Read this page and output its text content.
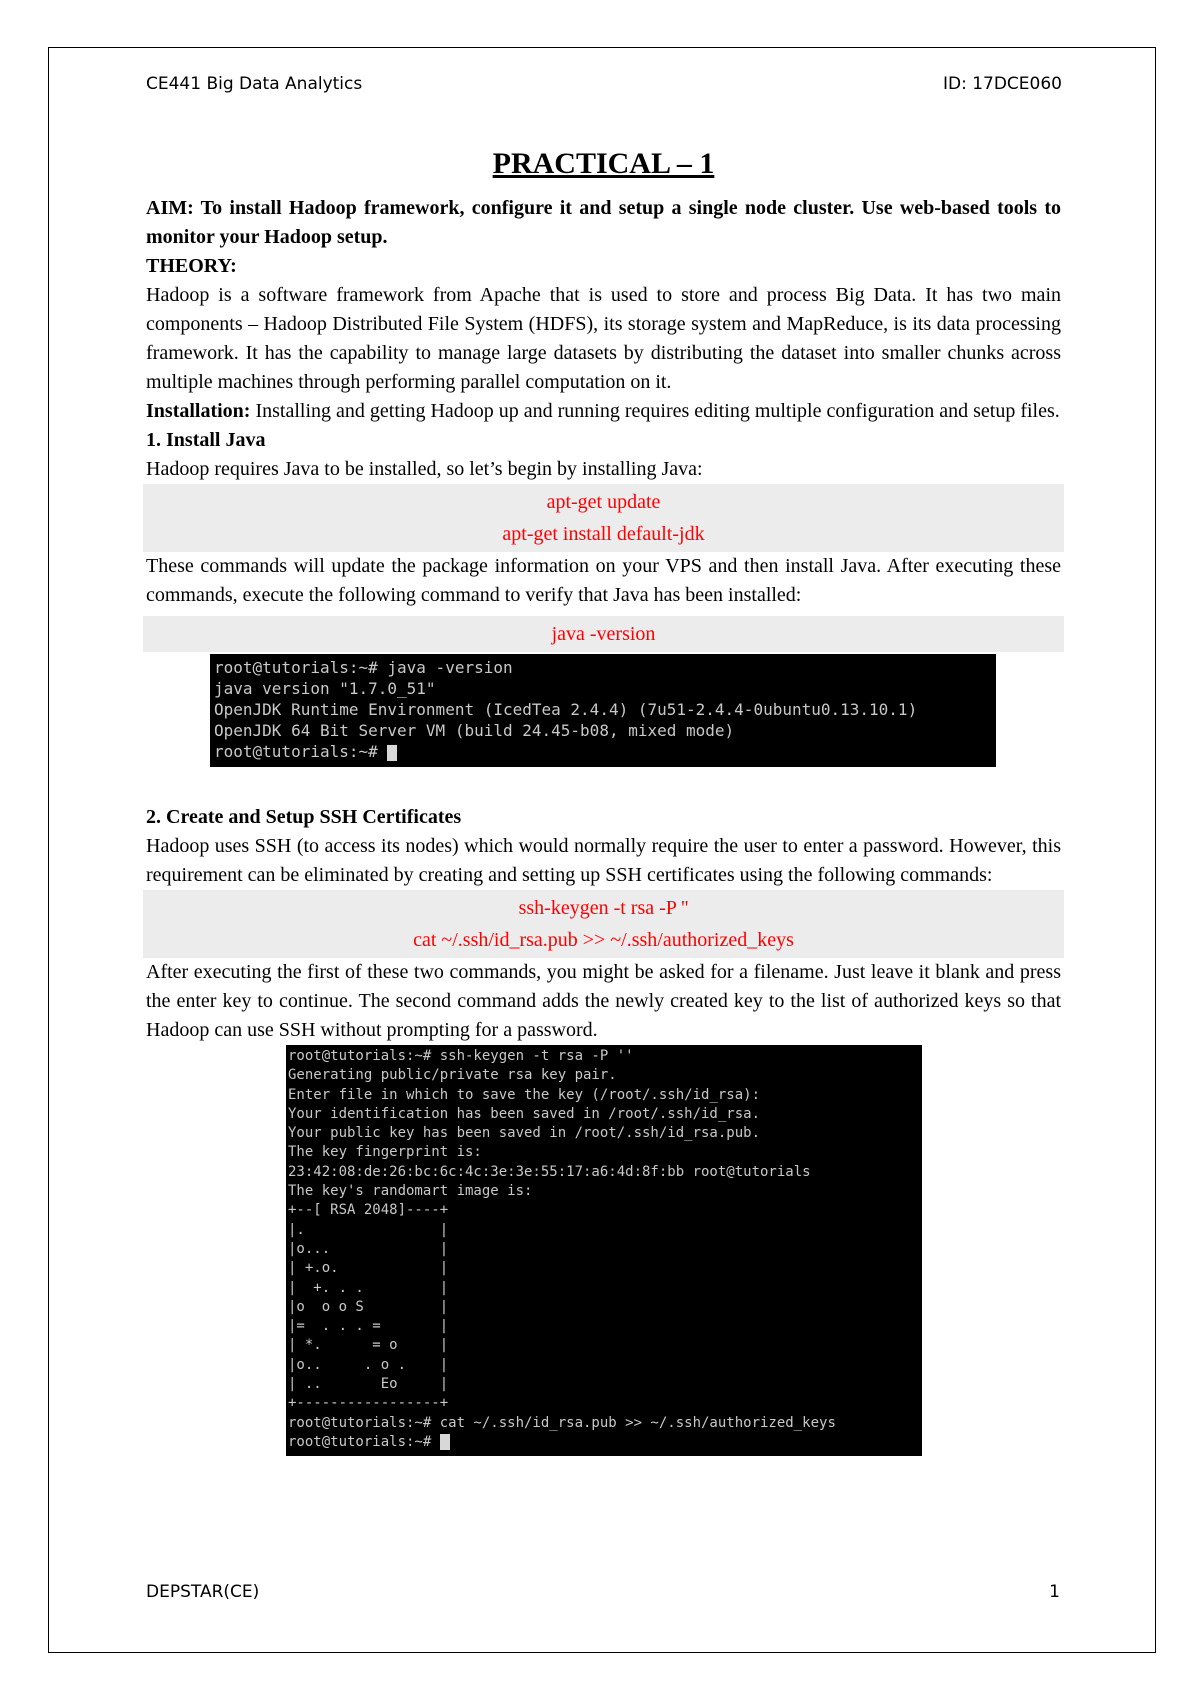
CE441 Big Data Analytics	ID: 17DCE060
PRACTICAL – 1

AIM: To install Hadoop framework, configure it and setup a single node cluster. Use web-based tools to monitor your Hadoop setup.

THEORY:

Hadoop is a software framework from Apache that is used to store and process Big Data. It has two main components – Hadoop Distributed File System (HDFS), its storage system and MapReduce, is its data processing framework. It has the capability to manage large datasets by distributing the dataset into smaller chunks across multiple machines through performing parallel computation on it.

Installation: Installing and getting Hadoop up and running requires editing multiple configuration and setup files.

1. Install Java

Hadoop requires Java to be installed, so let’s begin by installing Java:

apt-get update
apt-get install default-jdk

These commands will update the package information on your VPS and then install Java. After executing these commands, execute the following command to verify that Java has been installed:

java -version
root@tutorials:~# java -version
java version "1.7.0_51"
OpenJDK Runtime Environment (IcedTea 2.4.4) (7u51-2.4.4-0ubuntu0.13.10.1)
OpenJDK 64 Bit Server VM (build 24.45-b08, mixed mode)
root@tutorials:~#

2. Create and Setup SSH Certificates

Hadoop uses SSH (to access its nodes) which would normally require the user to enter a password. However, this requirement can be eliminated by creating and setting up SSH certificates using the following commands:

ssh-keygen -t rsa -P ''
cat ~/.ssh/id_rsa.pub >> ~/.ssh/authorized_keys

After executing the first of these two commands, you might be asked for a filename. Just leave it blank and press the enter key to continue. The second command adds the newly created key to the list of authorized keys so that Hadoop can use SSH without prompting for a password.

root@tutorials:~# ssh-keygen -t rsa -P ''
Generating public/private rsa key pair.
Enter file in which to save the key (/root/.ssh/id_rsa):
Your identification has been saved in /root/.ssh/id_rsa.
Your public key has been saved in /root/.ssh/id_rsa.pub.
The key fingerprint is:
23:42:08:de:26:bc:6c:4c:3e:3e:55:17:a6:4d:8f:bb root@tutorials
The key's randomart image is:
+--[ RSA 2048]----+
|.                |
|o...             |
| +.o.            |
|  +. . .         |
|o  o o S         |
|=  . . . =       |
| *.      = o     |
|o..     . o .    |
| ..       Eo     |
+-----------------+
root@tutorials:~# cat ~/.ssh/id_rsa.pub >> ~/.ssh/authorized_keys
root@tutorials:~#
DEPSTAR(CE)	1
